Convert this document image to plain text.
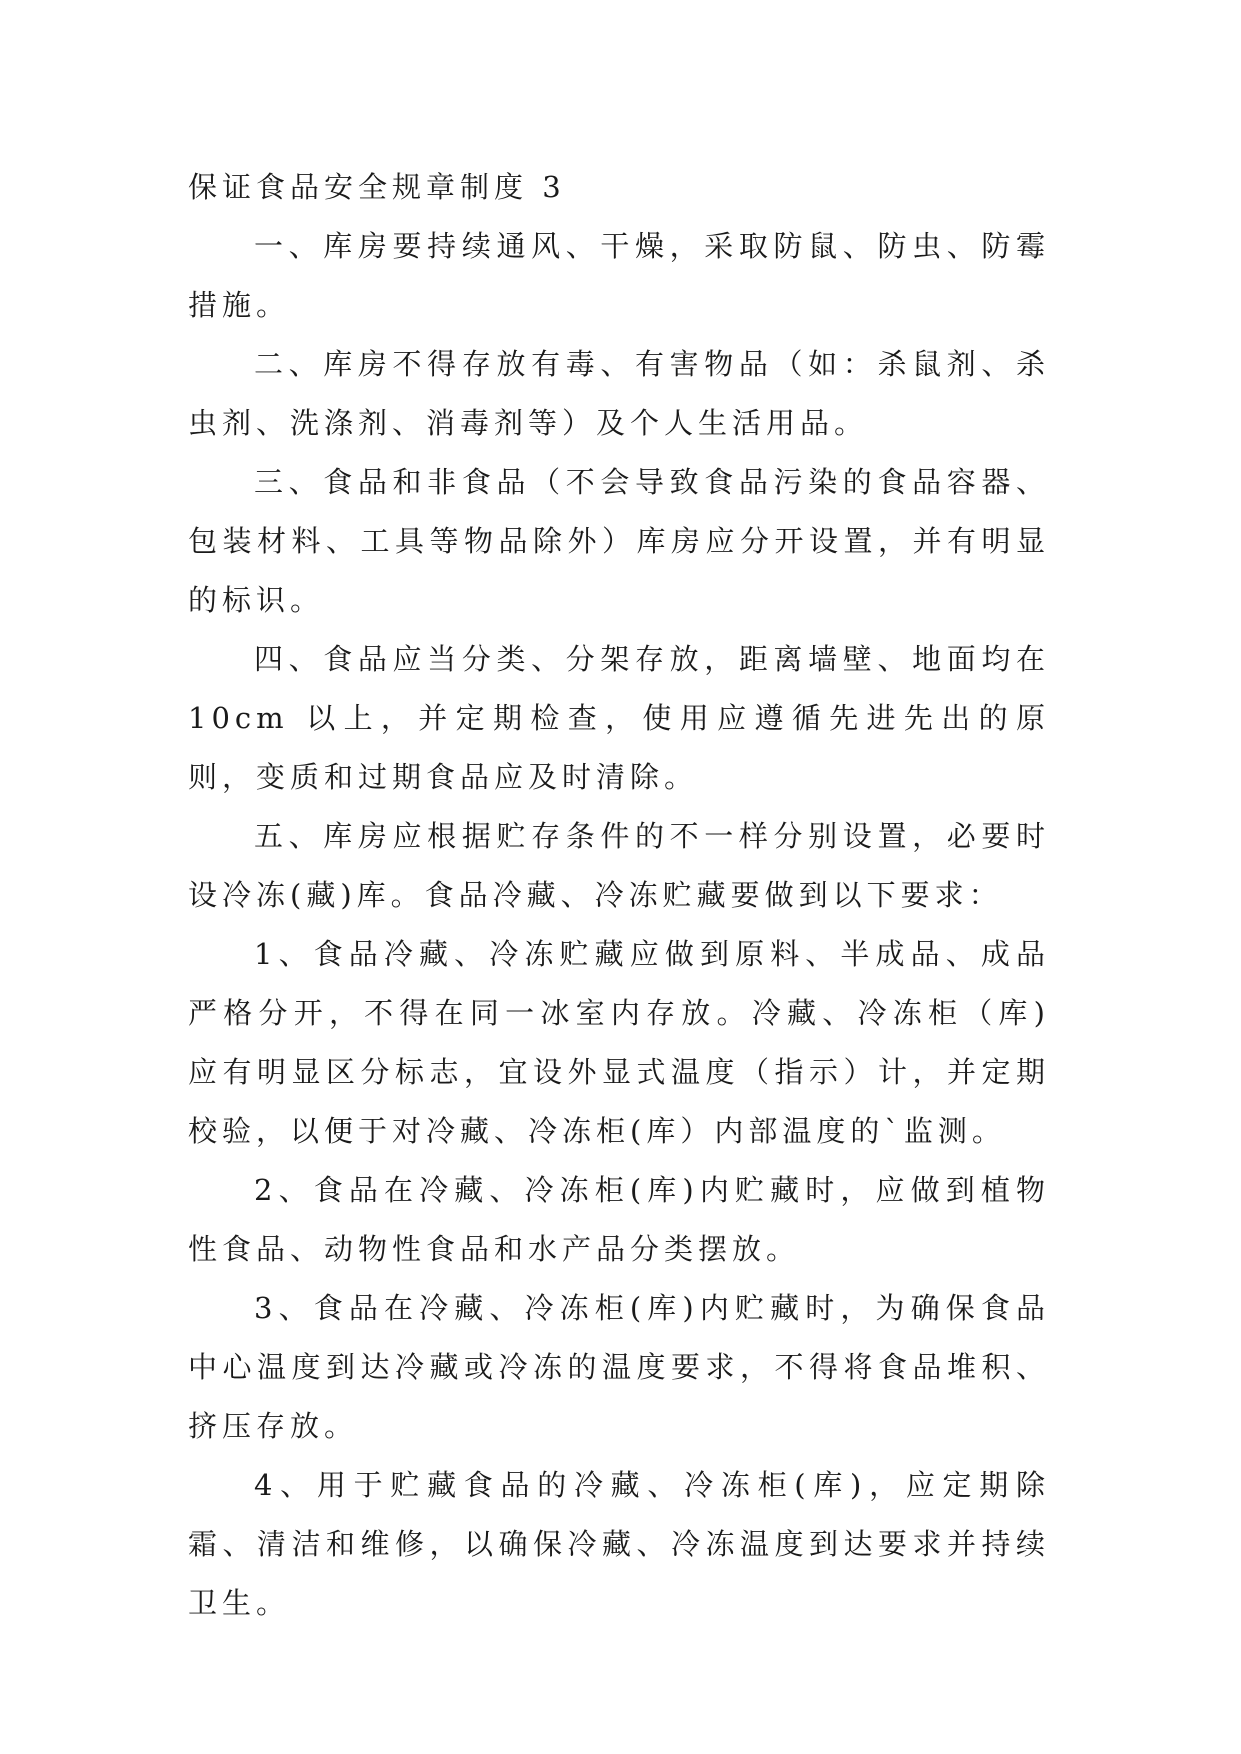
保证食品安全规章制度 3

一、库房要持续通风、干燥，采取防鼠、防虫、防霉措施。

二、库房不得存放有毒、有害物品（如：杀鼠剂、杀虫剂、洗涤剂、消毒剂等）及个人生活用品。

三、食品和非食品（不会导致食品污染的食品容器、包装材料、工具等物品除外）库房应分开设置，并有明显的标识。

四、食品应当分类、分架存放，距离墙壁、地面均在 10cm 以上，并定期检查，使用应遵循先进先出的原则，变质和过期食品应及时清除。

五、库房应根据贮存条件的不一样分别设置，必要时设冷冻(藏)库。食品冷藏、冷冻贮藏要做到以下要求：

1、食品冷藏、冷冻贮藏应做到原料、半成品、成品严格分开，不得在同一冰室内存放。冷藏、冷冻柜（库)应有明显区分标志，宜设外显式温度（指示）计，并定期校验，以便于对冷藏、冷冻柜(库）内部温度的`监测。

2、食品在冷藏、冷冻柜(库)内贮藏时，应做到植物性食品、动物性食品和水产品分类摆放。

3、食品在冷藏、冷冻柜(库)内贮藏时，为确保食品中心温度到达冷藏或冷冻的温度要求，不得将食品堆积、挤压存放。

4、用于贮藏食品的冷藏、冷冻柜(库)，应定期除霜、清洁和维修，以确保冷藏、冷冻温度到达要求并持续卫生。
